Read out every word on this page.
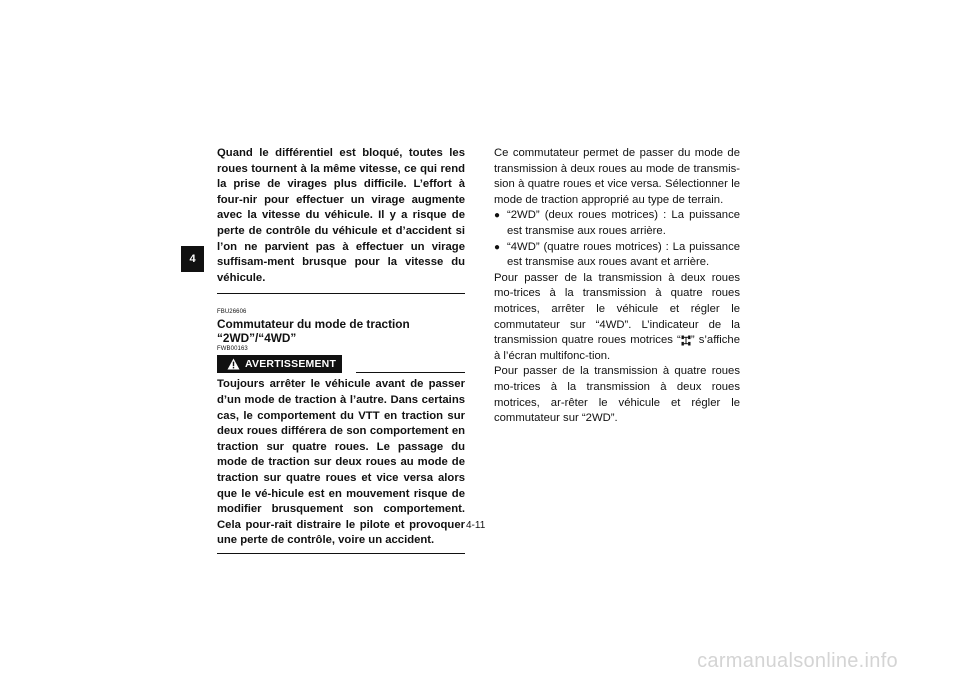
4

Quand le différentiel est bloqué, toutes les roues tournent à la même vitesse, ce qui rend la prise de virages plus difficile. L’effort à four-nir pour effectuer un virage augmente avec la vitesse du véhicule. Il y a risque de perte de contrôle du véhicule et d’accident si l’on ne parvient pas à effectuer un virage suffisam-ment brusque pour la vitesse du véhicule.

FBU26606
Commutateur du mode de traction
“2WD”/“4WD”
FWB00163
AVERTISSEMENT

Toujours arrêter le véhicule avant de passer d’un mode de traction à l’autre. Dans certains cas, le comportement du VTT en traction sur deux roues différera de son comportement en traction sur quatre roues. Le passage du mode de traction sur deux roues au mode de traction sur quatre roues et vice versa alors que le vé-hicule est en mouvement risque de modifier brusquement son comportement. Cela pour-rait distraire le pilote et provoquer une perte de contrôle, voire un accident.

Ce commutateur permet de passer du mode de transmission à deux roues au mode de transmis-sion à quatre roues et vice versa. Sélectionner le mode de traction approprié au type de terrain.

● “2WD” (deux roues motrices) : La puissance est transmise aux roues arrière.
● “4WD” (quatre roues motrices) : La puissance est transmise aux roues avant et arrière.

Pour passer de la transmission à deux roues mo-trices à la transmission à quatre roues motrices, arrêter le véhicule et régler le commutateur sur “4WD”. L’indicateur de la transmission quatre roues motrices “ ” s’affiche à l’écran multifonc-tion.

Pour passer de la transmission à quatre roues mo-trices à la transmission à deux roues motrices, ar-rêter le véhicule et régler le commutateur sur “2WD”.

4-11
carmanualsonline.info
